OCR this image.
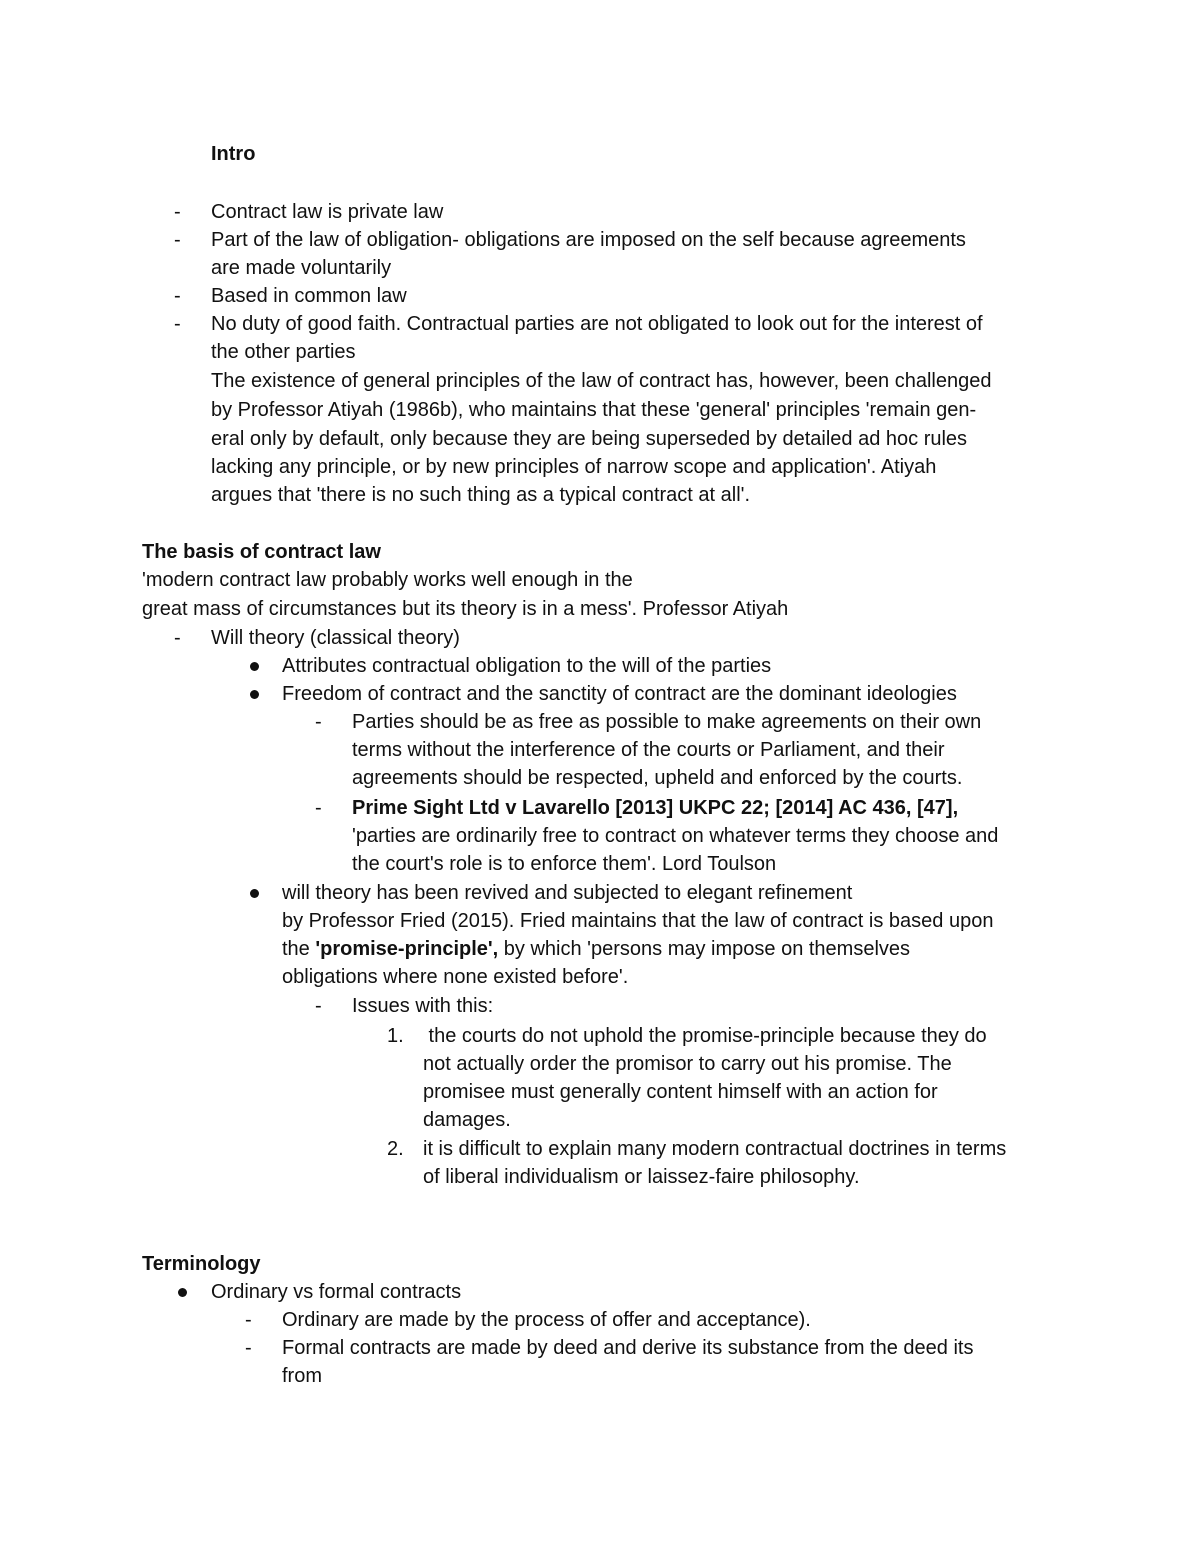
Intro
- Contract law is private law
- Part of the law of obligation- obligations are imposed on the self because agreements
are made voluntarily
- Based in common law
- No duty of good faith. Contractual parties are not obligated to look out for the interest of
the other parties
The existence of general principles of the law of contract has, however, been challenged
by Professor Atiyah (1986b), who maintains that these 'general' principles 'remain gen-
eral only by default, only because they are being superseded by detailed ad hoc rules
lacking any principle, or by new principles of narrow scope and application'. Atiyah
argues that 'there is no such thing as a typical contract at all'.
The basis of contract law
'modern contract law probably works well enough in the
great mass of circumstances but its theory is in a mess'. Professor Atiyah
- Will theory (classical theory)
Attributes contractual obligation to the will of the parties
Freedom of contract and the sanctity of contract are the dominant ideologies
- Parties should be as free as possible to make agreements on their own
terms without the interference of the courts or Parliament, and their
agreements should be respected, upheld and enforced by the courts.
- Prime Sight Ltd v Lavarello [2013] UKPC 22; [2014] AC 436, [47],
'parties are ordinarily free to contract on whatever terms they choose and
the court's role is to enforce them'. Lord Toulson
will theory has been revived and subjected to elegant refinement
by Professor Fried (2015). Fried maintains that the law of contract is based upon
the 'promise-principle', by which 'persons may impose on themselves
obligations where none existed before'.
- Issues with this:
1. the courts do not uphold the promise-principle because they do
not actually order the promisor to carry out his promise. The
promisee must generally content himself with an action for
damages.
2. it is difficult to explain many modern contractual doctrines in terms
of liberal individualism or laissez-faire philosophy.
Terminology
Ordinary vs formal contracts
- Ordinary are made by the process of offer and acceptance).
- Formal contracts are made by deed and derive its substance from the deed its
from
